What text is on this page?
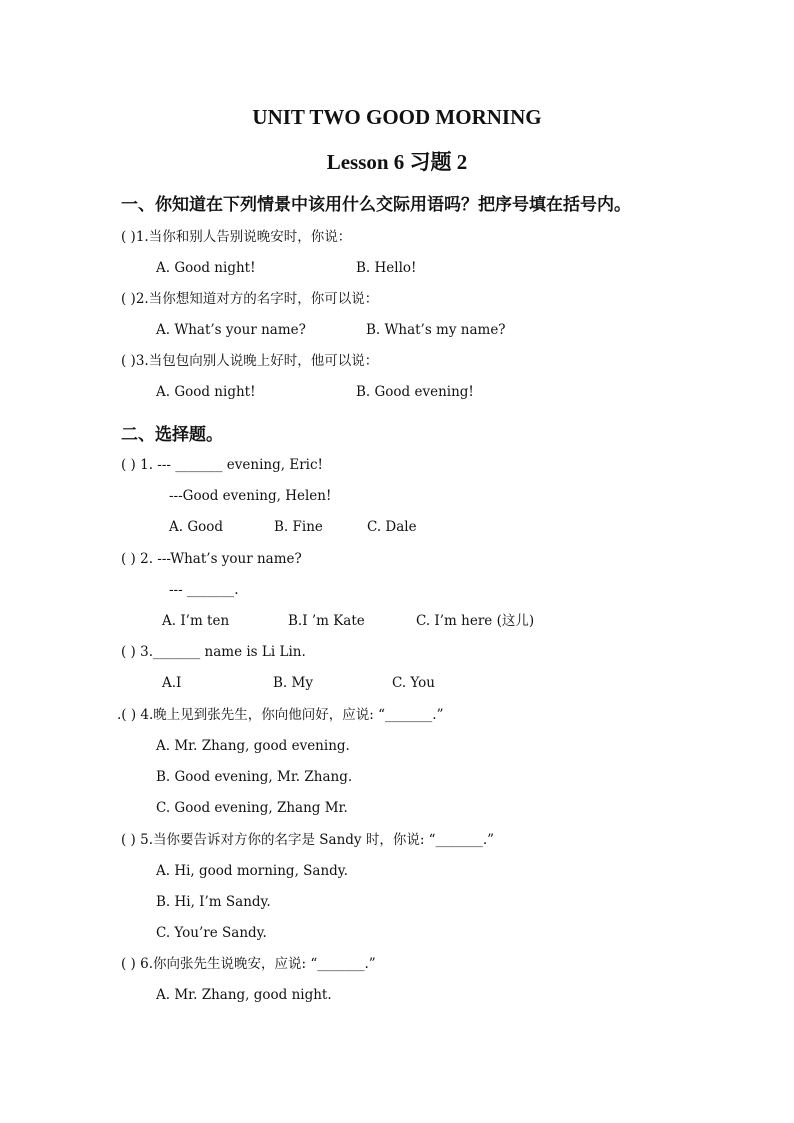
UNIT TWO GOOD MORNING
Lesson 6 习题 2
一、你知道在下列情景中该用什么交际用语吗？把序号填在括号内。
( )1.当你和别人告别说晚安时，你说：
A. Good night!	B. Hello!
( )2.当你想知道对方的名字时，你可以说：
A. What’s your name?	B. What’s my name?
( )3.当包包向别人说晚上好时，他可以说：
A. Good night!	B. Good evening!
二、选择题。
( ) 1. --- _______ evening, Eric!
---Good evening, Helen!
A. Good	B. Fine	C. Dale
( ) 2. ---What’s your name?
--- _______.
A. I’m ten	B.I ’m Kate	C. I’m here (这儿)
( ) 3._______ name is Li Lin.
A.I	B. My	C. You
.( ) 4.晚上见到张先生，你向他问好，应说: “_______.”
A. Mr. Zhang, good evening.
B. Good evening, Mr. Zhang.
C. Good evening, Zhang Mr.
( ) 5.当你要告诉对方你的名字是 Sandy 时，你说: “_______.”
A. Hi, good morning, Sandy.
B. Hi, I’m Sandy.
C. You’re Sandy.
( ) 6.你向张先生说晚安，应说: “_______.”
A. Mr. Zhang, good night.
